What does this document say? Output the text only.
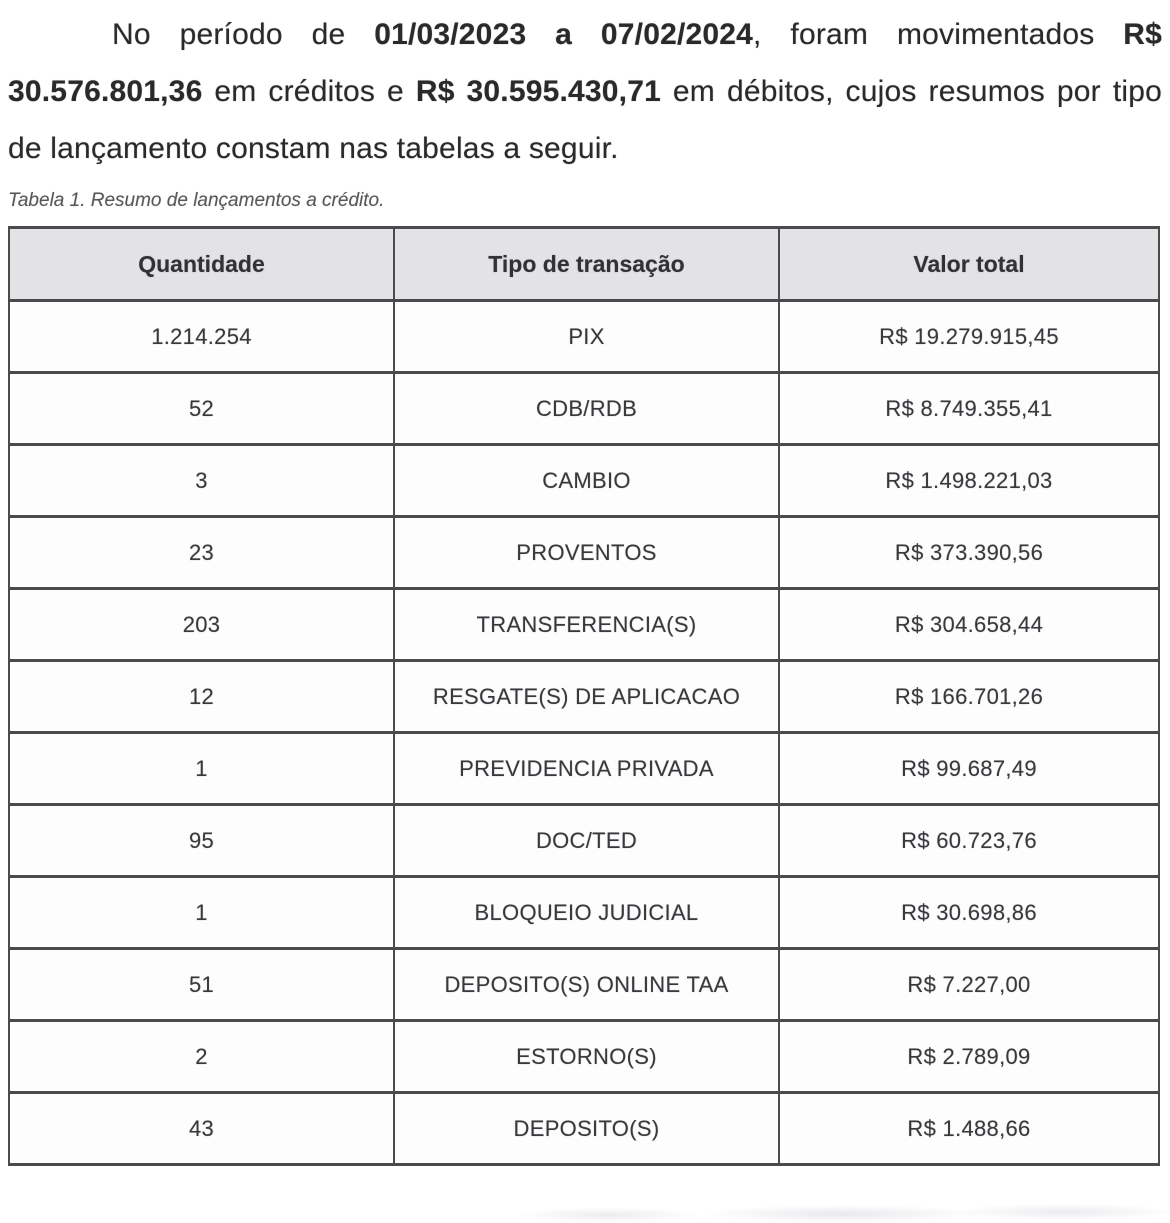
No período de 01/03/2023 a 07/02/2024, foram movimentados R$ 30.576.801,36 em créditos e R$ 30.595.430,71 em débitos, cujos resumos por tipo de lançamento constam nas tabelas a seguir.

Tabela 1. Resumo de lançamentos a crédito.
Quantidade	Tipo de transação	Valor total
1.214.254	PIX	R$ 19.279.915,45
52	CDB/RDB	R$ 8.749.355,41
3	CAMBIO	R$ 1.498.221,03
23	PROVENTOS	R$ 373.390,56
203	TRANSFERENCIA(S)	R$ 304.658,44
12	RESGATE(S) DE APLICACAO	R$ 166.701,26
1	PREVIDENCIA PRIVADA	R$ 99.687,49
95	DOC/TED	R$ 60.723,76
1	BLOQUEIO JUDICIAL	R$ 30.698,86
51	DEPOSITO(S) ONLINE TAA	R$ 7.227,00
2	ESTORNO(S)	R$ 2.789,09
43	DEPOSITO(S)	R$ 1.488,66
